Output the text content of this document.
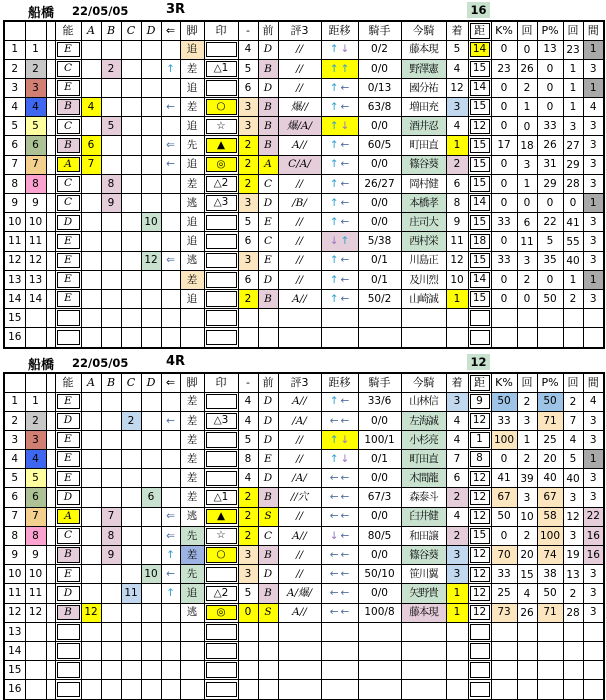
船橋 22/05/05	3R	16
			能	A	B	C	D	⇐	脚	印	-	前	評3	距移	騎手	今騎	着	距	K%	回	P%	回	間
1	1		E						追		4	D	//	↑ ↓	0/2	藤本現	5	14	0	0	13	23	1
2	2		C		2			↑	差	△1	5	B	//	↑ ↑	0/0	野澤憲	4	15	23	26	0	1	3
3	3		E						追		6	D	//	↑ ←	0/13	國分祐	12	14	0	2	0	1	1
4	4		B	4				←	差	○	3	B	爆//	↑ ←	63/8	増田充	3	15	0	1	0	1	4
5	5		C		5				追	☆	3	B	爆/A/	↑ ↓	0/0	酒井忍	4	12	0	0	33	3	3
6	6		B	6				⇐	先	▲	2	B	A//	↑ ←	60/5	町田直	1	15	17	18	26	27	3
7	7		A	7				←	追	◎	2	A	C/A/	↑ ←	0/0	篠谷葵	2	15	0	3	31	29	3
8	8		C		8				差	△2	2	C	//	↑ ←	26/27	岡村健	6	15	0	1	29	28	3
9	9		C		9				逃	△3	3	D	/B/	↑ ←	0/0	本橋孝	8	14	0	0	0	0	1
10	10		D				10		追		5	E	//	↑ ←	0/0	庄司大	9	15	33	6	22	41	3
11	11		E						追		6	C	//	↓ ↑	5/38	西村栄	11	18	0	11	5	55	3
12	12		E				12	⇐	逃		3	E	//	↑ ←	0/1	川島正	12	15	33	3	35	40	3
13	13		E						差		6	D	//	↑ ←	0/1	及川烈	10	14	0	2	0	1	1
14	14		E						追		2	B	A//	↑ ←	50/2	山崎誠	1	15	0	0	50	2	3
15			

16			

船橋 22/05/05	4R	12
			能	A	B	C	D	⇐	脚	印	-	前	評3	距移	騎手	今騎	着	距	K%	回	P%	回	間
1	1		E						差		4	D	A//	↑ ←	33/6	山林信	3	9	50	2	50	2	4
2	2		D			2		←	差	△3	4	D	/A/	← ←	0/0	左海誠	4	12	33	3	71	7	3
3	3		E						差		5	D	//	↑ ↓	100/1	小杉亮	4	1	100	1	25	4	3
4	4		E						差		8	E	//	↑ ↓	0/1	町田直	7	8	0	2	20	5	1
5	5		E						差		4	D	/A/	← ←	0/0	木間龍	6	12	41	39	40	40	3
6	6		D				6		差	△1	2	B	//穴	← ←	67/3	森泰斗	2	12	67	3	67	3	3
7	7		A		7			⇐	逃	▲	2	S	//	← ←	0/0	臼井健	4	12	50	10	58	12	22
8	8		C		8			⇐	先	☆	2	C	A//	↓ ←	80/5	和田譲	2	15	0	2	100	3	16
9	9		B		9			↑	差	○	3	B	//	← ←	0/0	篠谷葵	3	12	70	20	74	19	16
10	10		E				10	←	先		3	D	//	← ←	50/10	笹川翼	3	12	33	15	38	13	3
11	11		D			11		↑	追	△2	5	B	A/爆/	← ←	0/0	矢野貴	1	12	25	4	50	2	3
12	12		B	12					逃	◎	0	S	A//	← ←	100/8	藤本現	1	12	73	26	71	28	3
13			

14			

15			

16			
